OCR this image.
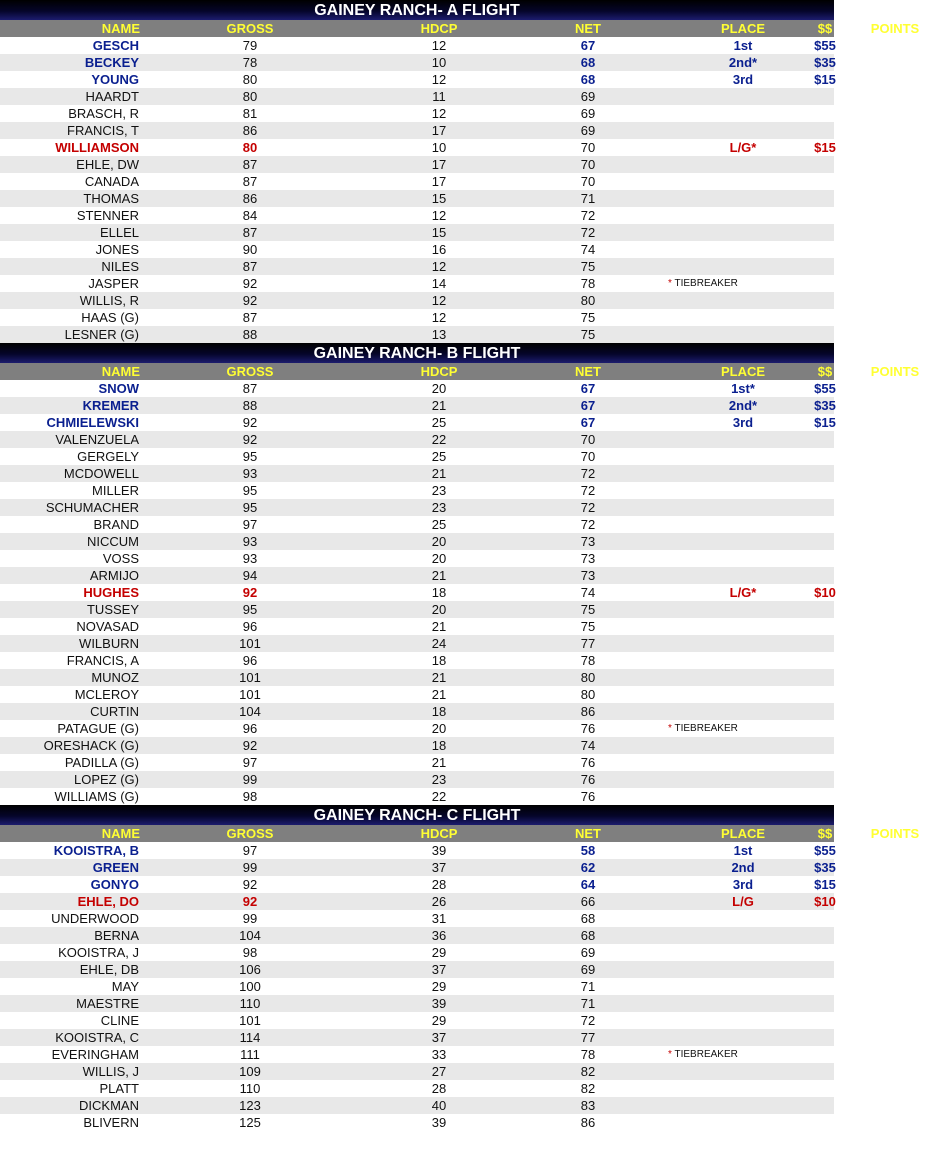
GAINEY RANCH- A FLIGHT
NAME	GROSS	HDCP	NET	PLACE	$$	POINTS
GESCH	79	12	67	1st	$55
BECKEY	78	10	68	2nd*	$35
YOUNG	80	12	68	3rd	$15
HAARDT	80	11	69
BRASCH, R	81	12	69
FRANCIS, T	86	17	69
WILLIAMSON	80	10	70	L/G*	$15
EHLE, DW	87	17	70
CANADA	87	17	70
THOMAS	86	15	71
STENNER	84	12	72
ELLEL	87	15	72
JONES	90	16	74
NILES	87	12	75
JASPER	92	14	78	* TIEBREAKER
WILLIS, R	92	12	80
HAAS (G)	87	12	75
LESNER (G)	88	13	75
GAINEY RANCH- B FLIGHT
NAME	GROSS	HDCP	NET	PLACE	$$	POINTS
SNOW	87	20	67	1st*	$55
KREMER	88	21	67	2nd*	$35
CHMIELEWSKI	92	25	67	3rd	$15
VALENZUELA	92	22	70
GERGELY	95	25	70
MCDOWELL	93	21	72
MILLER	95	23	72
SCHUMACHER	95	23	72
BRAND	97	25	72
NICCUM	93	20	73
VOSS	93	20	73
ARMIJO	94	21	73
HUGHES	92	18	74	L/G*	$10
TUSSEY	95	20	75
NOVASAD	96	21	75
WILBURN	101	24	77
FRANCIS, A	96	18	78
MUNOZ	101	21	80
MCLEROY	101	21	80
CURTIN	104	18	86
PATAGUE (G)	96	20	76	* TIEBREAKER
ORESHACK (G)	92	18	74
PADILLA (G)	97	21	76
LOPEZ (G)	99	23	76
WILLIAMS (G)	98	22	76
GAINEY RANCH- C FLIGHT
NAME	GROSS	HDCP	NET	PLACE	$$	POINTS
KOOISTRA, B	97	39	58	1st	$55
GREEN	99	37	62	2nd	$35
GONYO	92	28	64	3rd	$15
EHLE, DO	92	26	66	L/G	$10
UNDERWOOD	99	31	68
BERNA	104	36	68
KOOISTRA, J	98	29	69
EHLE, DB	106	37	69
MAY	100	29	71
MAESTRE	110	39	71
CLINE	101	29	72
KOOISTRA, C	114	37	77
EVERINGHAM	111	33	78	* TIEBREAKER
WILLIS, J	109	27	82
PLATT	110	28	82
DICKMAN	123	40	83
BLIVERN	125	39	86
